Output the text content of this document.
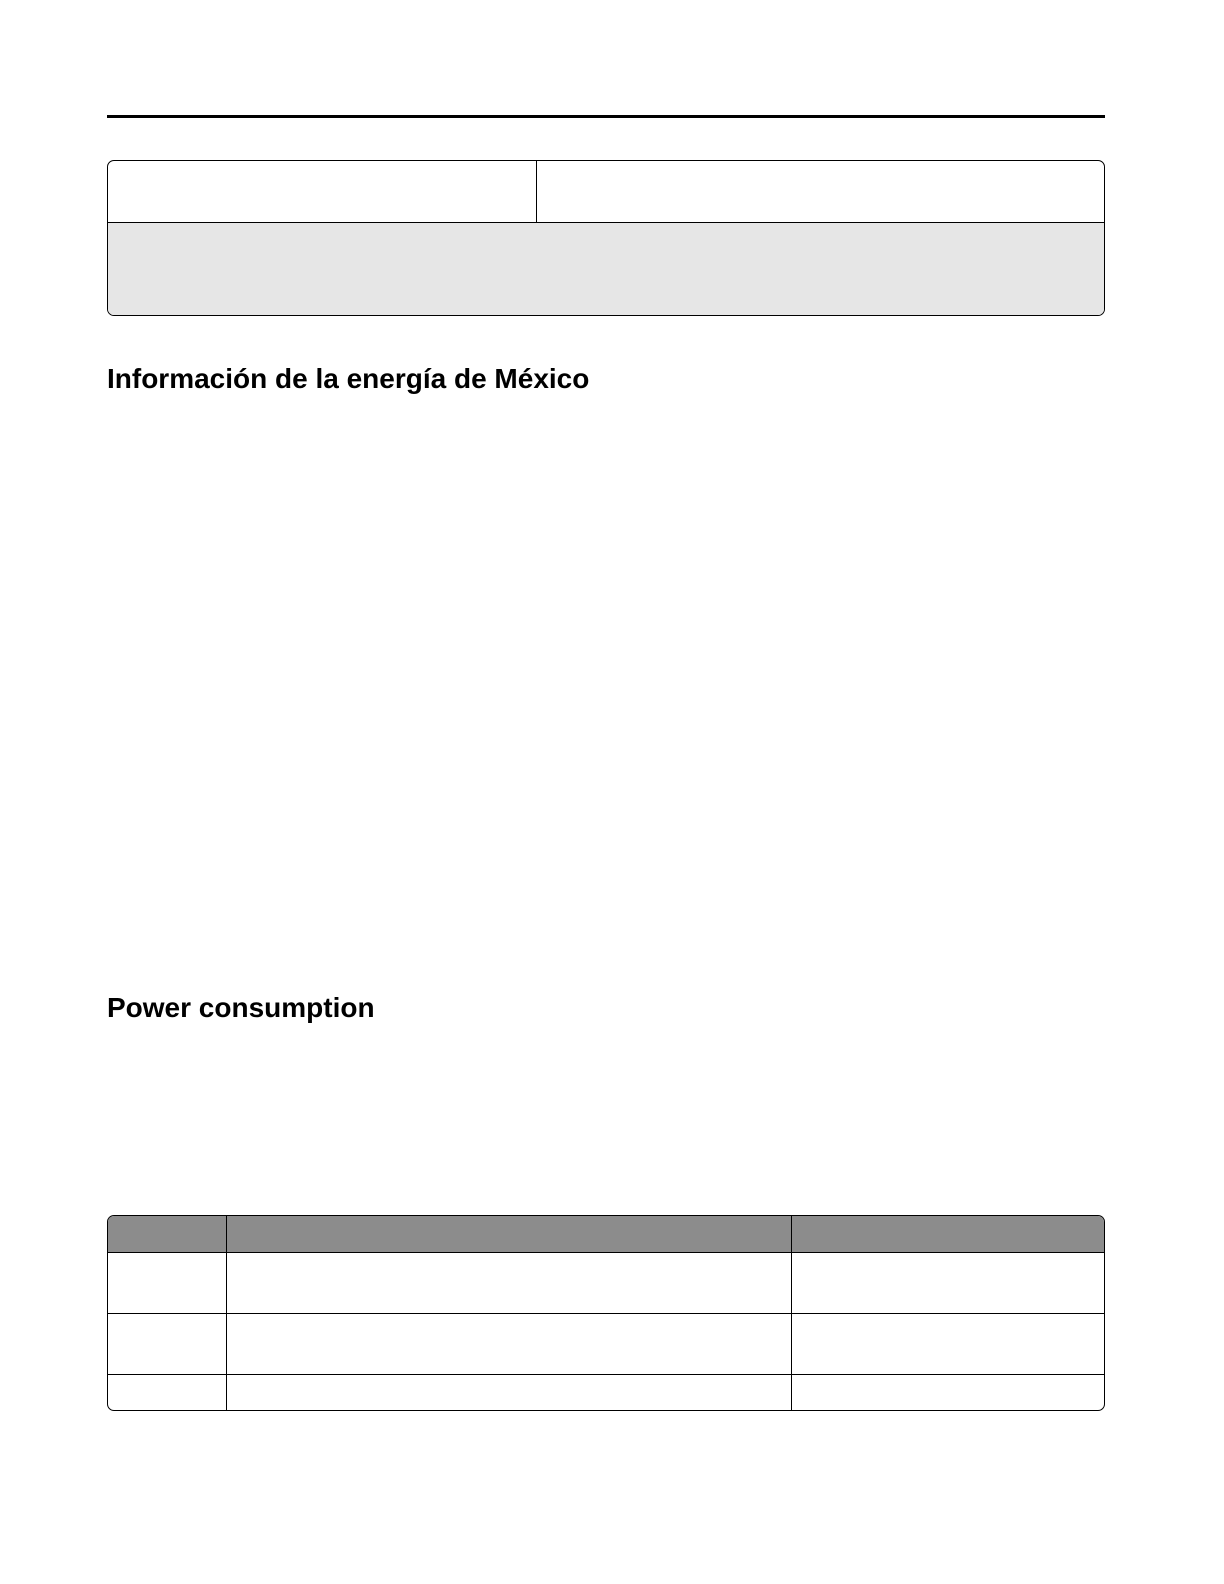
Información de la energía de México
Power consumption
